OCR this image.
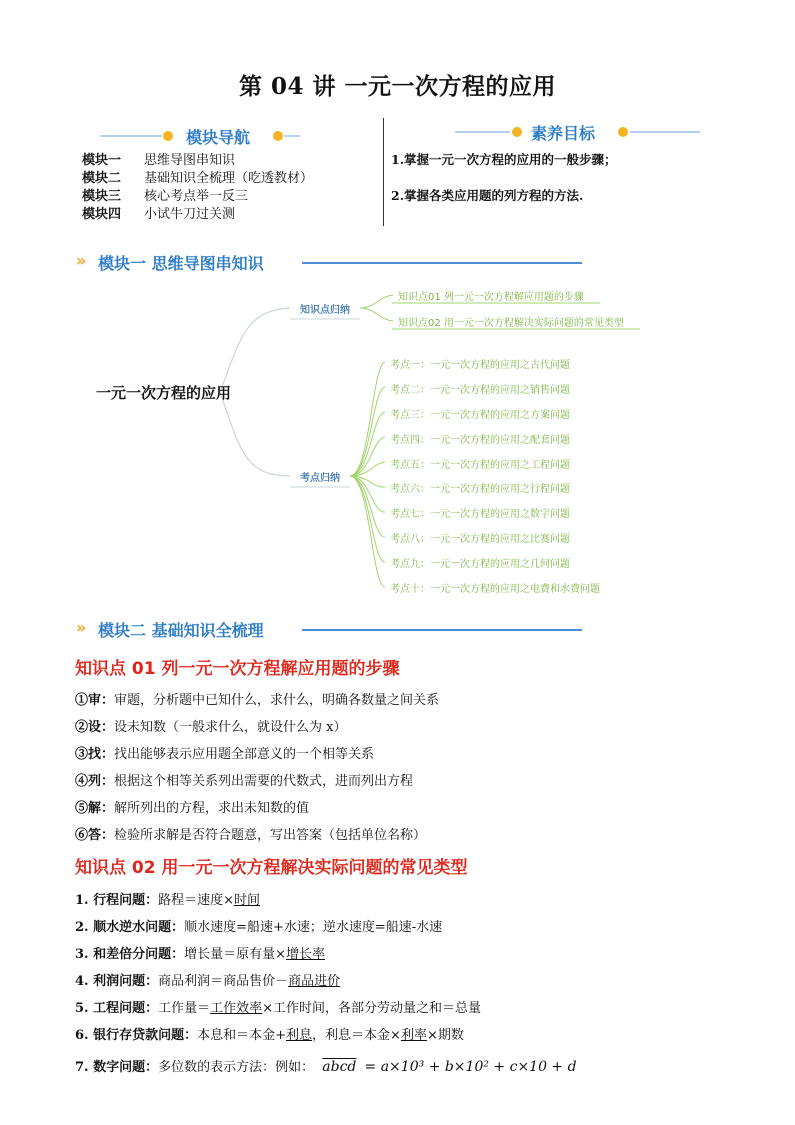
第 04 讲 一元一次方程的应用
模块导航
模块一 思维导图串知识
模块二 基础知识全梳理（吃透教材）
模块三 核心考点举一反三
模块四 小试牛刀过关测
素养目标
1.掌握一元一次方程的应用的一般步骤；
2.掌握各类应用题的列方程的方法.
» 模块一 思维导图串知识
一元一次方程的应用
知识点归纳
考点归纳
知识点01 列一元一次方程解应用题的步骤
知识点02 用一元一次方程解决实际问题的常见类型
考点一：一元一次方程的应用之古代问题
考点二：一元一次方程的应用之销售问题
考点三：一元一次方程的应用之方案问题
考点四：一元一次方程的应用之配套问题
考点五：一元一次方程的应用之工程问题
考点六：一元一次方程的应用之行程问题
考点七：一元一次方程的应用之数字问题
考点八：一元一次方程的应用之比赛问题
考点九：一元一次方程的应用之几何问题
考点十：一元一次方程的应用之电费和水费问题
» 模块二 基础知识全梳理
知识点 01 列一元一次方程解应用题的步骤
①审：审题，分析题中已知什么，求什么，明确各数量之间关系
②设：设未知数（一般求什么，就设什么为 x）
③找：找出能够表示应用题全部意义的一个相等关系
④列：根据这个相等关系列出需要的代数式，进而列出方程
⑤解：解所列出的方程，求出未知数的值
⑥答：检验所求解是否符合题意，写出答案（包括单位名称）
知识点 02 用一元一次方程解决实际问题的常见类型
1. 行程问题：路程＝速度×时间
2. 顺水逆水问题：顺水速度=船速+水速；逆水速度=船速-水速
3. 和差倍分问题：增长量＝原有量×增长率
4. 利润问题：商品利润＝商品售价－商品进价
5. 工程问题：工作量＝工作效率×工作时间，各部分劳动量之和＝总量
6. 银行存贷款问题：本息和＝本金+利息，利息＝本金×利率×期数
7. 数字问题：多位数的表示方法：例如： abcd = a×10³ + b×10² + c×10 + d
